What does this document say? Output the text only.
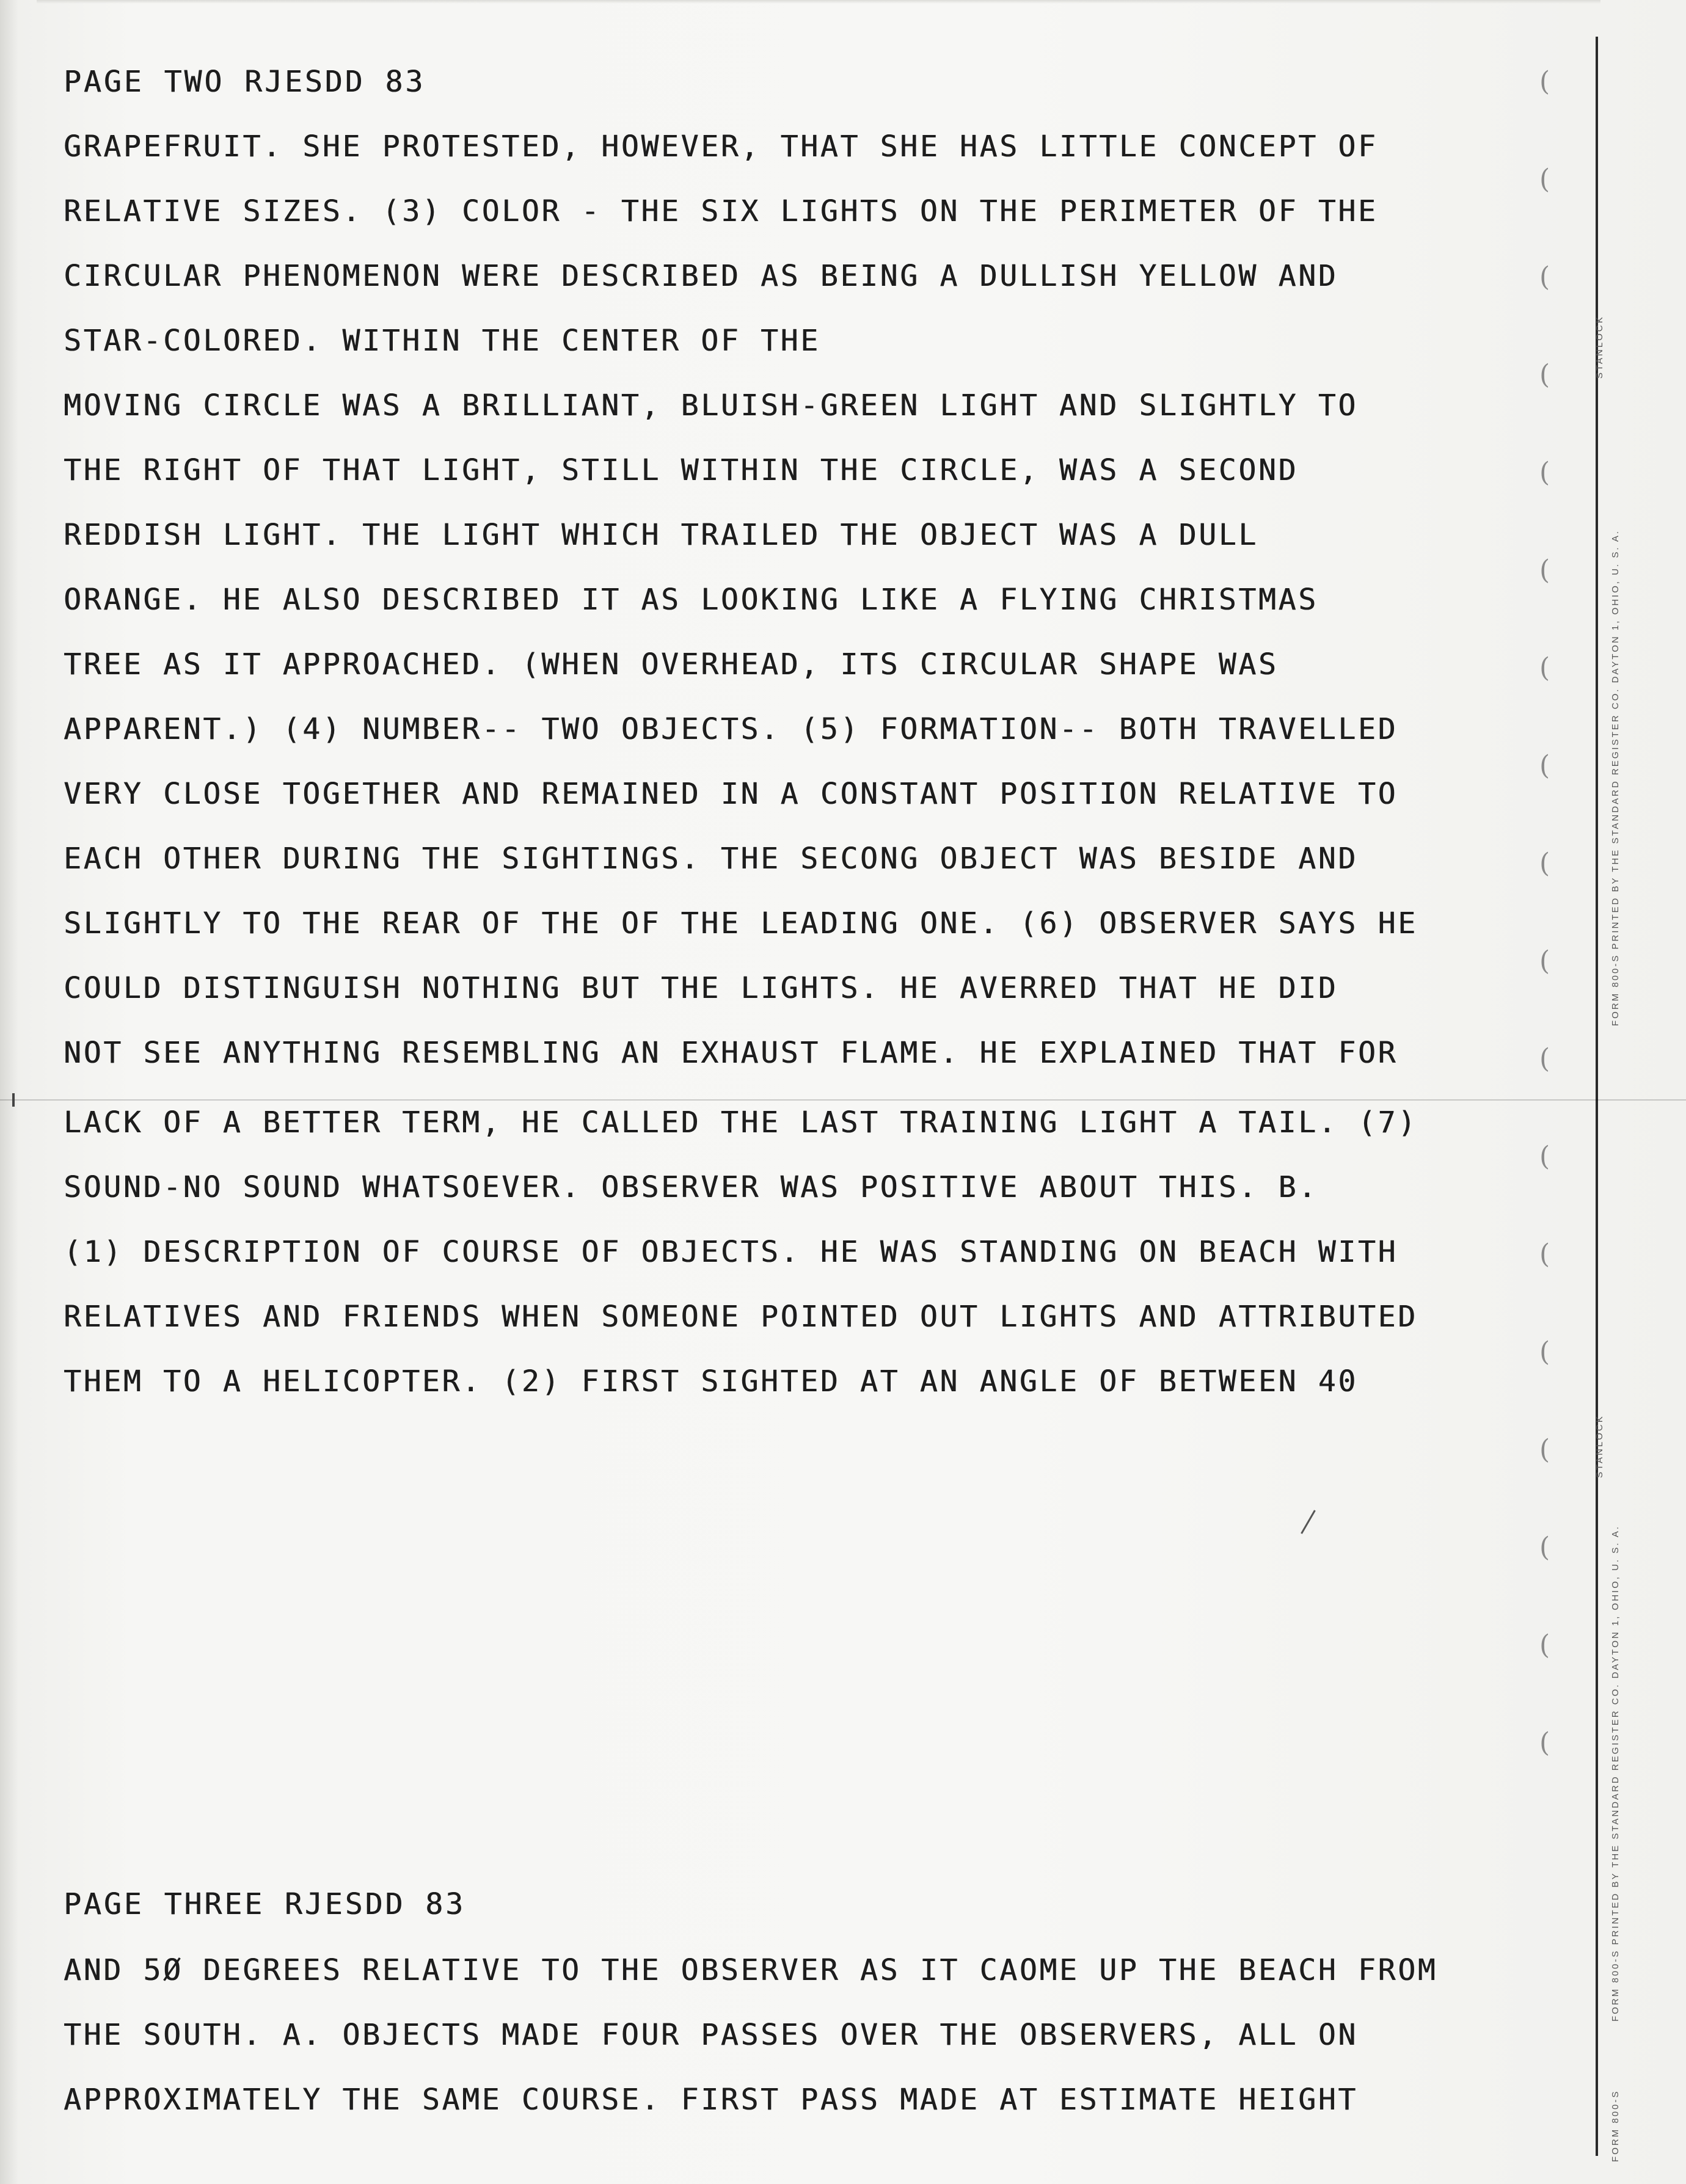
PAGE TWO RJESDD 83
GRAPEFRUIT. SHE PROTESTED, HOWEVER, THAT SHE HAS LITTLE CONCEPT OF
RELATIVE SIZES. (3) COLOR - THE SIX LIGHTS ON THE PERIMETER OF THE
CIRCULAR PHENOMENON WERE DESCRIBED AS BEING A DULLISH YELLOW AND
STAR-COLORED. WITHIN THE CENTER OF THE
MOVING CIRCLE WAS A BRILLIANT, BLUISH-GREEN LIGHT AND SLIGHTLY TO
THE RIGHT OF THAT LIGHT, STILL WITHIN THE CIRCLE, WAS A SECOND
REDDISH LIGHT. THE LIGHT WHICH TRAILED THE OBJECT WAS A DULL
ORANGE. HE ALSO DESCRIBED IT AS LOOKING LIKE A FLYING CHRISTMAS
TREE AS IT APPROACHED. (WHEN OVERHEAD, ITS CIRCULAR SHAPE WAS
APPARENT.) (4) NUMBER-- TWO OBJECTS. (5) FORMATION-- BOTH TRAVELLED
VERY CLOSE TOGETHER AND REMAINED IN A CONSTANT POSITION RELATIVE TO
EACH OTHER DURING THE SIGHTINGS. THE SECONG OBJECT WAS BESIDE AND
SLIGHTLY TO THE REAR OF THE OF THE LEADING ONE. (6) OBSERVER SAYS HE
COULD DISTINGUISH NOTHING BUT THE LIGHTS. HE AVERRED THAT HE DID
NOT SEE ANYTHING RESEMBLING AN EXHAUST FLAME. HE EXPLAINED THAT FOR
LACK OF A BETTER TERM, HE CALLED THE LAST TRAINING LIGHT A TAIL. (7)
SOUND-NO SOUND WHATSOEVER. OBSERVER WAS POSITIVE ABOUT THIS. B.
(1) DESCRIPTION OF COURSE OF OBJECTS. HE WAS STANDING ON BEACH WITH
RELATIVES AND FRIENDS WHEN SOMEONE POINTED OUT LIGHTS AND ATTRIBUTED
THEM TO A HELICOPTER. (2) FIRST SIGHTED AT AN ANGLE OF BETWEEN 40
PAGE THREE RJESDD 83
AND 5Ø DEGREES RELATIVE TO THE OBSERVER AS IT CAOME UP THE BEACH FROM
THE SOUTH. A. OBJECTS MADE FOUR PASSES OVER THE OBSERVERS, ALL ON
APPROXIMATELY THE SAME COURSE. FIRST PASS MADE AT ESTIMATE HEIGHT
(
(
(
(
(
(
(
(
(
(
(
(
(
(
(
(
(
(
STANLOCK
FORM 800-S PRINTED BY THE STANDARD REGISTER CO. DAYTON 1, OHIO, U. S. A.
STANLOCK
FORM 800-S PRINTED BY THE STANDARD REGISTER CO. DAYTON 1, OHIO, U. S. A.
FORM 800-S
